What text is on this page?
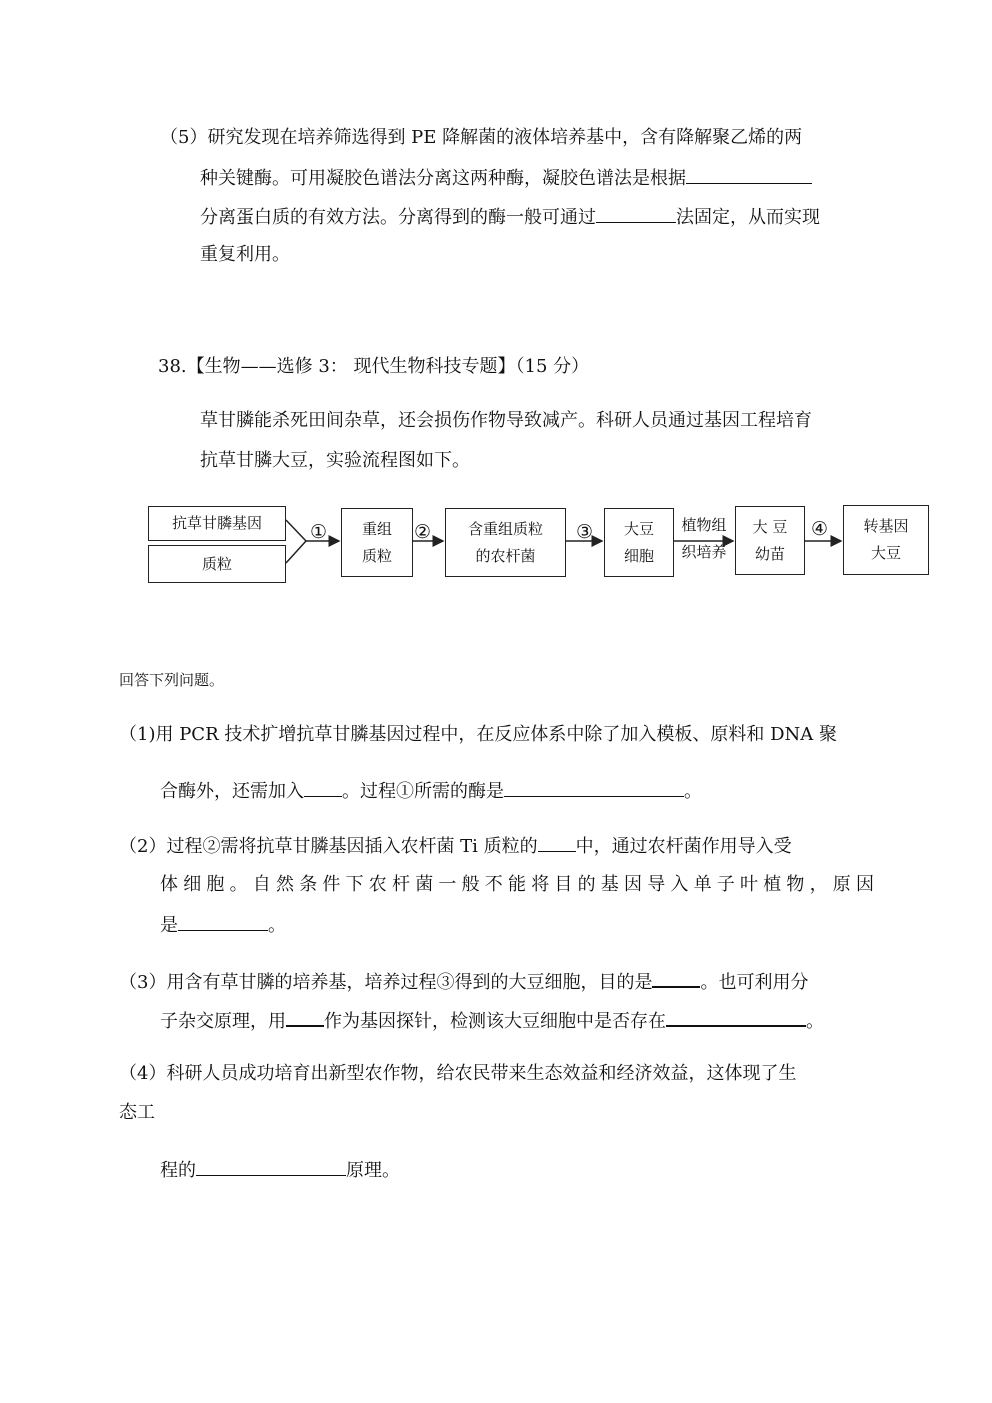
（5）研究发现在培养筛选得到 PE 降解菌的液体培养基中，含有降解聚乙烯的两
种关键酶。可用凝胶色谱法分离这两种酶，凝胶色谱法是根据
分离蛋白质的有效方法。分离得到的酶一般可通过	法固定，从而实现
重复利用。
38.【生物——选修 3： 现代生物科技专题】（15 分）
草甘膦能杀死田间杂草，还会损伤作物导致减产。科研人员通过基因工程培育
抗草甘膦大豆，实验流程图如下。
抗草甘膦基因
质粒
① 重组
质粒
② 含重组质粒
的农杆菌
③ 大豆
细胞
植物组
织培养
大 豆
幼苗
④ 转基因
大豆
回答下列问题。
（1)用 PCR 技术扩增抗草甘膦基因过程中，在反应体系中除了加入模板、原料和 DNA 聚
合酶外，还需加入 。过程①所需的酶是	。
（2）过程②需将抗草甘膦基因插入农杆菌 Ti 质粒的 中，通过农杆菌作用导入受
体细胞。自然条件下农杆菌一般不能将目的基因导入单子叶植物，原因
是	。
（3）用含有草甘膦的培养基，培养过程③得到的大豆细胞，目的是	。也可利用分
子杂交原理，用 作为基因探针，检测该大豆细胞中是否存在	。
（4）科研人员成功培育出新型农作物，给农民带来生态效益和经济效益，这体现了生
态工
程的	原理。
